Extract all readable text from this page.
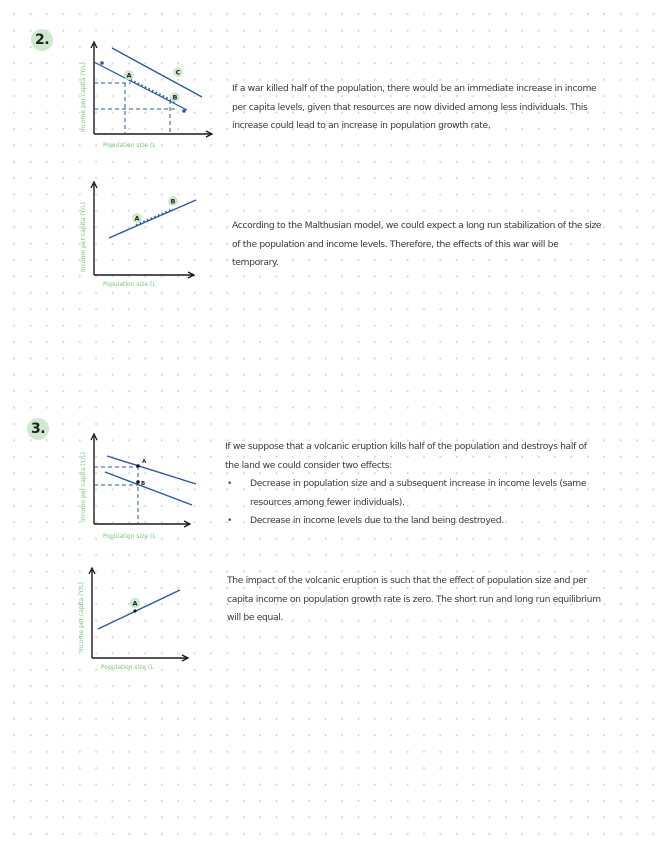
2.
Income per capita (Y/L)
Population size (L
A	C
B

If a war killed half of the population, there would be an immediate increase in income per capita levels, given that resources are now divided among less individuals. This increase could lead to an increase in population growth rate.

Income per capita (Y/L)
Population size (L
A
B

According to the Malthusian model, we could expect a long run stabilization of the size of the population and income levels. Therefore, the effects of this war will be temporary.

3.
Income per capita (Y/L)
Population size (L
A
B
If we suppose that a volcanic eruption kills half of the population and destroys half of the land we could consider two effects:
• Decrease in population size and a subsequent increase in income levels (same resources among fewer individuals).
• Decrease in income levels due to the land being destroyed.
Income per capita (Y/L)
Population size (L
A

The impact of the volcanic eruption is such that the effect of population size and per capita income on population growth rate is zero. The short run and long run equilibrium will be equal.
